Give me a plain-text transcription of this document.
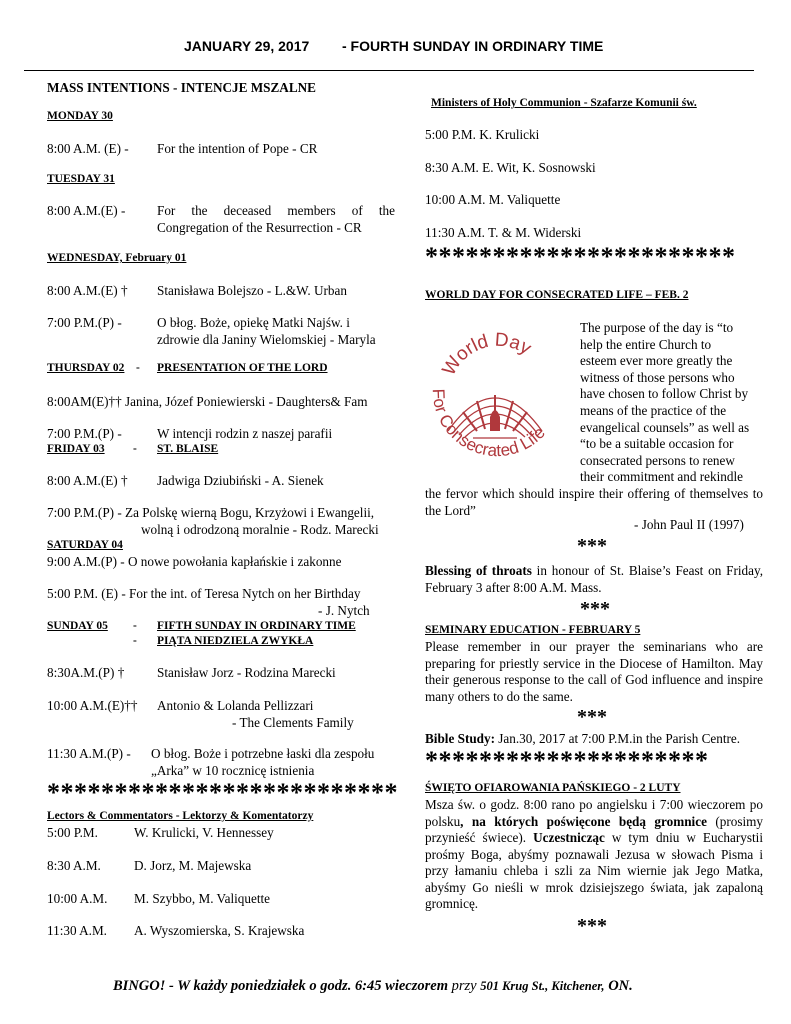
JANUARY 29, 2017 - FOURTH SUNDAY IN ORDINARY TIME
MASS INTENTIONS - INTENCJE MSZALNE
MONDAY 30
8:00 A.M. (E) - For the intention of Pope - CR
TUESDAY 31
8:00 A.M.(E) - For the deceased members of the
Congregation of the Resurrection - CR
WEDNESDAY, February 01
8:00 A.M.(E) † Stanisława Bolejszo - L.&W. Urban
7:00 P.M.(P) -	O błog. Boże, opiekę Matki Najśw. i
zdrowie dla Janiny Wielomskiej - Maryla
THURSDAY 02 - PRESENTATION OF THE LORD
8:00AM(E)†† Janina, Józef Poniewierski - Daughters& Fam
7:00 P.M.(P) -	W intencji rodzin z naszej parafii
FRIDAY 03 - ST. BLAISE
8:00 A.M.(E) † Jadwiga Dziubiński - A. Sienek
7:00 P.M.(P) - Za Polskę wierną Bogu, Krzyżowi i Ewangelii,
wolną i odrodzoną moralnie - Rodz. Marecki
SATURDAY 04
9:00 A.M.(P) - O nowe powołania kapłańskie i zakonne
5:00 P.M. (E) - For the int. of Teresa Nytch on her Birthday
- J. Nytch
SUNDAY 05 - FIFTH SUNDAY IN ORDINARY TIME
- PIĄTA NIEDZIELA ZWYKŁA
8:30A.M.(P) † Stanisław Jorz - Rodzina Marecki
10:00 A.M.(E)†† Antonio & Lolanda Pellizzari
- The Clements Family
11:30 A.M.(P) - O błog. Boże i potrzebne łaski dla zespołu
„Arka” w 10 rocznicę istnienia
**************************
Lectors & Commentators - Lektorzy & Komentatorzy
5:00 P.M.	W. Krulicki, V. Hennessey
8:30 A.M.	D. Jorz, M. Majewska
10:00 A.M. M. Szybbo, M. Valiquette
11:30 A.M. A. Wyszomierska, S. Krajewska
Ministers of Holy Communion - Szafarze Komunii św.
5:00 P.M. K. Krulicki
8:30 A.M. E. Wit, K. Sosnowski
10:00 A.M. M. Valiquette
11:30 A.M. T. & M. Widerski
***********************
WORLD DAY FOR CONSECRATED LIFE – FEB. 2
World Day
For Consecrated Life
The purpose of the day is “to
help the entire Church to
esteem ever more greatly the
witness of those persons who
have chosen to follow Christ by
means of the practice of the
evangelical counsels” as well as
“to be a suitable occasion for
consecrated persons to renew
their commitment and rekindle
the fervor which should inspire their offering of themselves to the Lord”
- John Paul II (1997)
***
Blessing of throats in honour of St. Blaise’s Feast on Friday, February 3 after 8:00 A.M. Mass.
***
SEMINARY EDUCATION - FEBRUARY 5
Please remember in our prayer the seminarians who are preparing for priestly service in the Diocese of Hamilton. May their generous response to the call of God influence and inspire many others to do the same.
***
Bible Study: Jan.30, 2017 at 7:00 P.M.in the Parish Centre.
*********************
ŚWIĘTO OFIAROWANIA PAŃSKIEGO - 2 LUTY
Msza św. o godz. 8:00 rano po angielsku i 7:00 wieczorem po polsku, na których poświęcone będą gromnice (prosimy przynieść świece). Uczestnicząc w tym dniu w Eucharystii prośmy Boga, abyśmy poznawali Jezusa w słowach Pisma i przy łamaniu chleba i szli za Nim wiernie jak Jego Matka, abyśmy Go nieśli w mrok dzisiejszego świata, jak zapaloną gromnicę.
***
BINGO! - W każdy poniedziałek o godz. 6:45 wieczorem przy 501 Krug St., Kitchener, ON.
